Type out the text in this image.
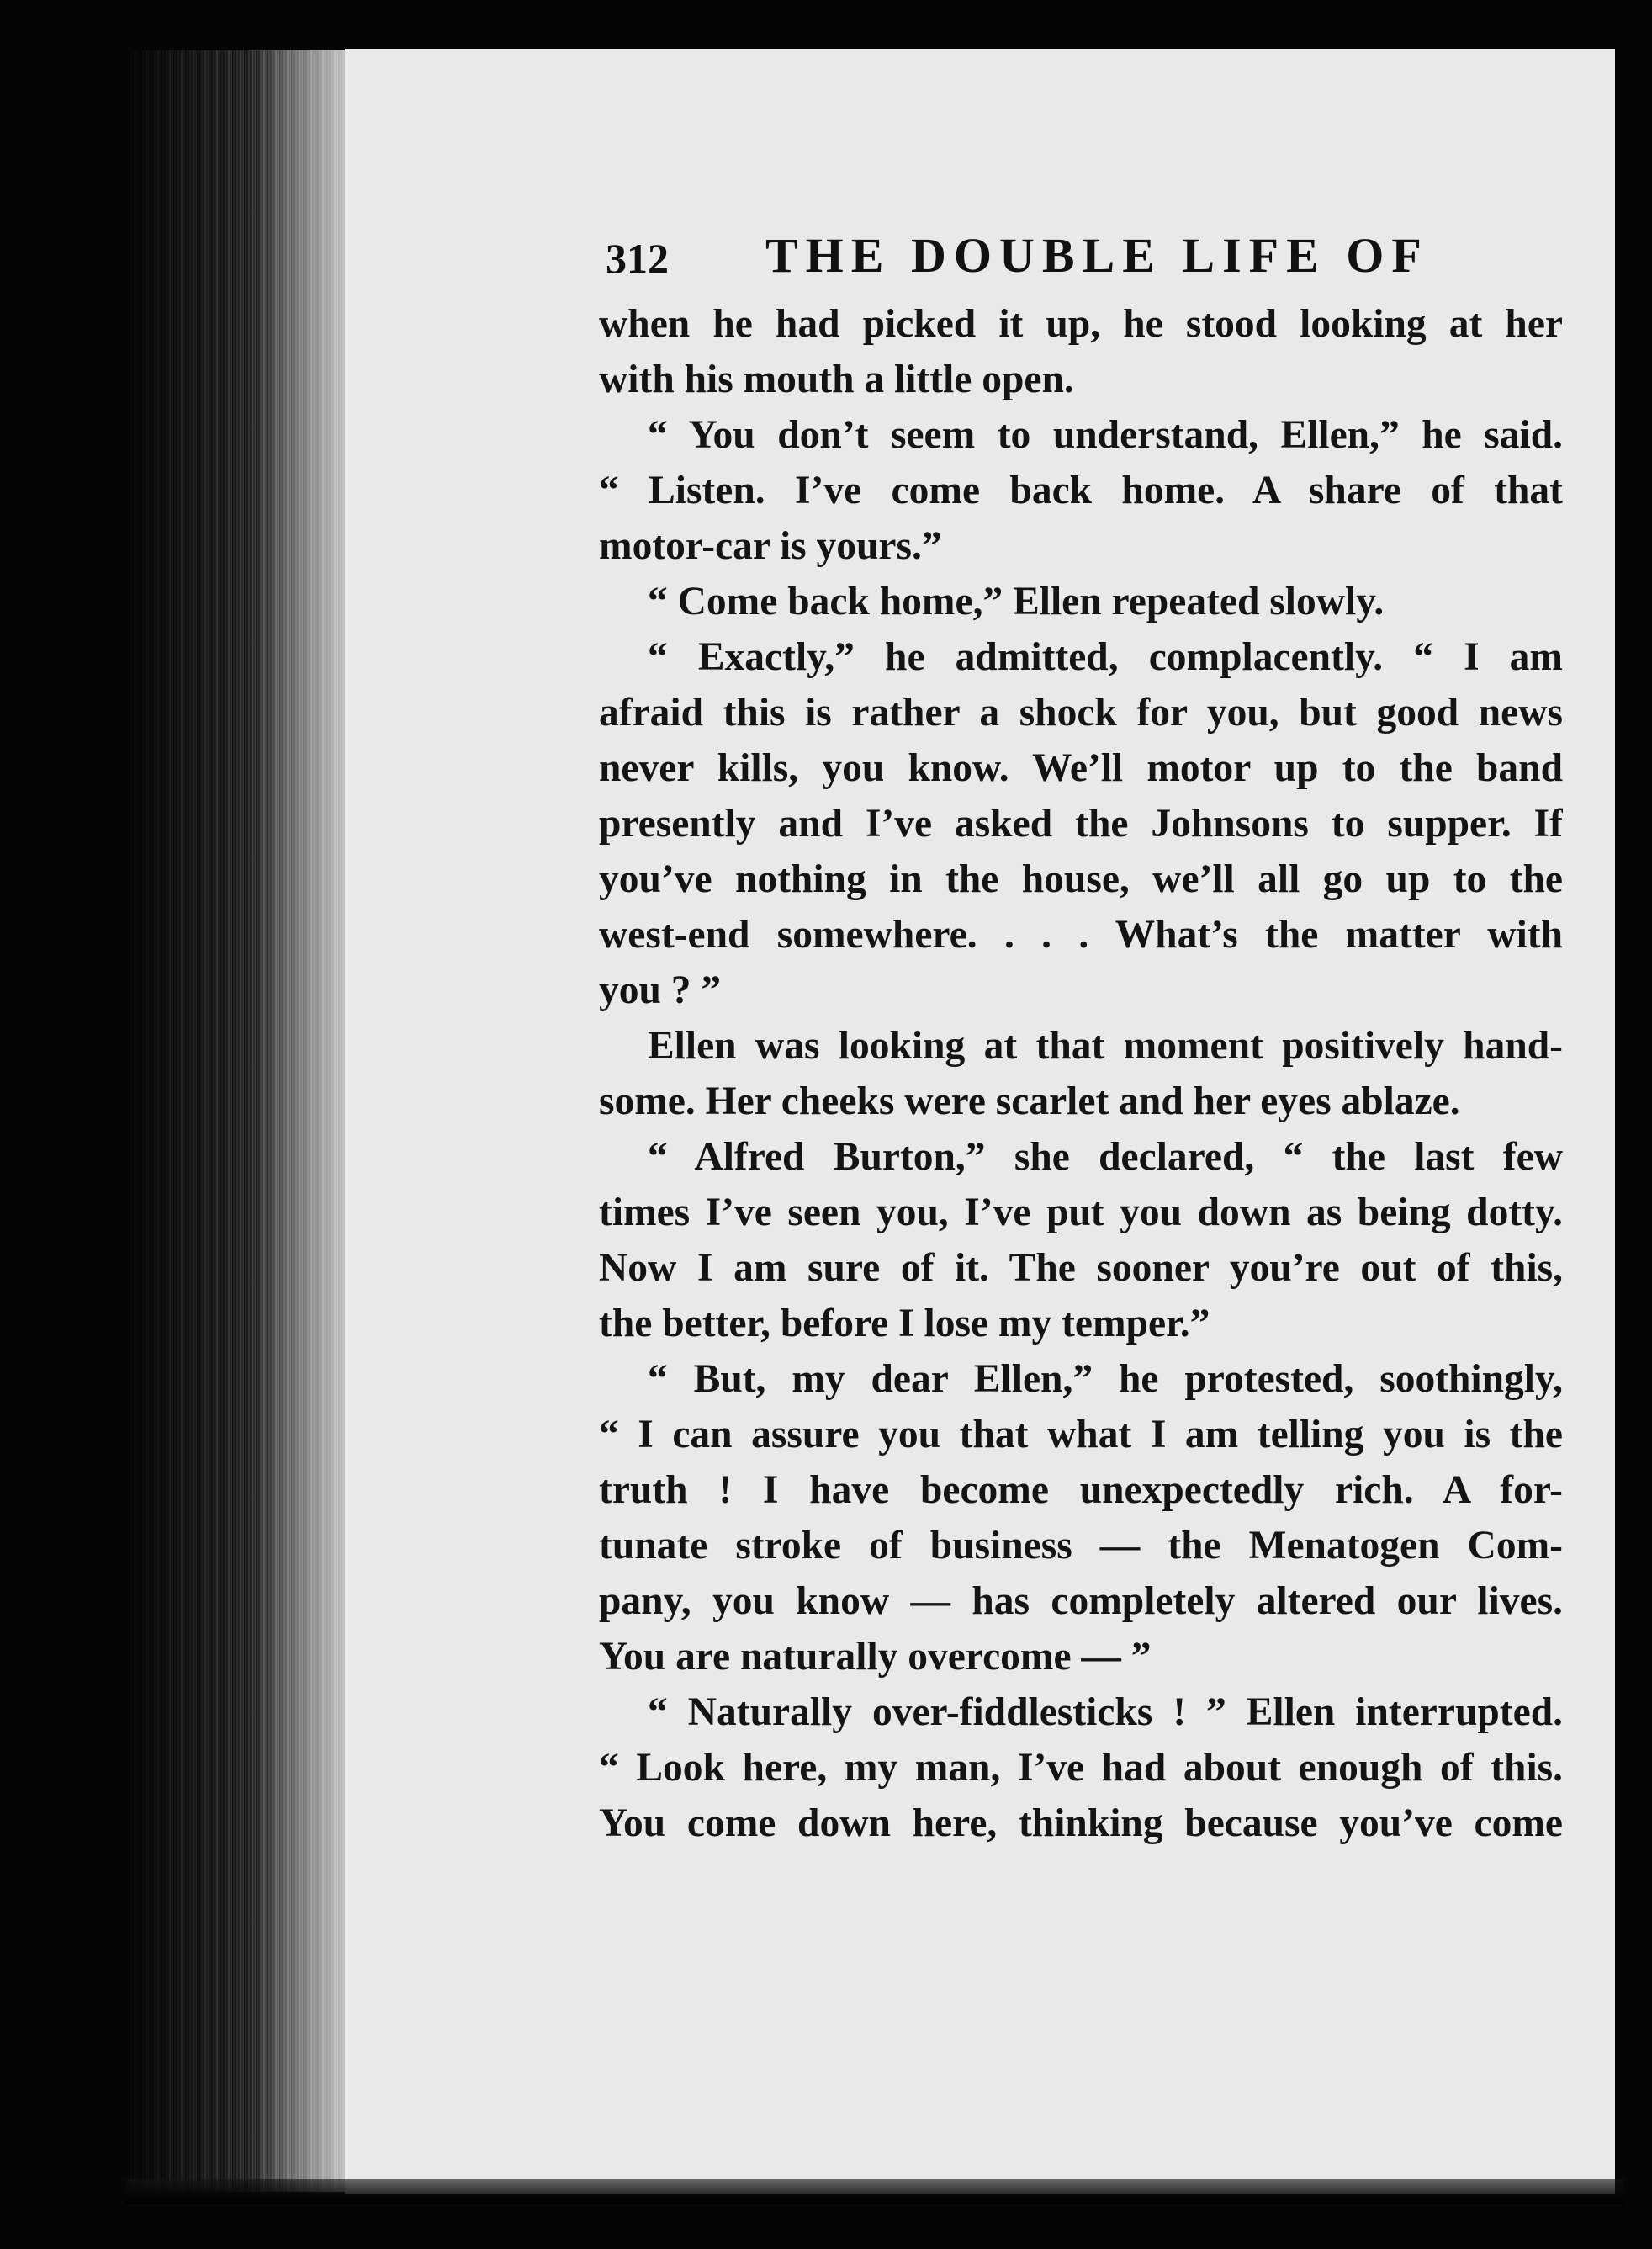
312 THE DOUBLE LIFE OF
when he had picked it up, he stood looking at her
with his mouth a little open.
“ You don’t seem to understand, Ellen,” he said.
“ Listen. I’ve come back home. A share of that
motor-car is yours.”
“ Come back home,” Ellen repeated slowly.
“ Exactly,” he admitted, complacently. “ I am
afraid this is rather a shock for you, but good news
never kills, you know. We’ll motor up to the band
presently and I’ve asked the Johnsons to supper. If
you’ve nothing in the house, we’ll all go up to the
west-end somewhere. . . . What’s the matter with
you ? ”
Ellen was looking at that moment positively hand-
some. Her cheeks were scarlet and her eyes ablaze.
“ Alfred Burton,” she declared, “ the last few
times I’ve seen you, I’ve put you down as being dotty.
Now I am sure of it. The sooner you’re out of this,
the better, before I lose my temper.”
“ But, my dear Ellen,” he protested, soothingly,
“ I can assure you that what I am telling you is the
truth ! I have become unexpectedly rich. A for-
tunate stroke of business — the Menatogen Com-
pany, you know — has completely altered our lives.
You are naturally overcome — ”
“ Naturally over-fiddlesticks ! ” Ellen interrupted.
“ Look here, my man, I’ve had about enough of this.
You come down here, thinking because you’ve come
